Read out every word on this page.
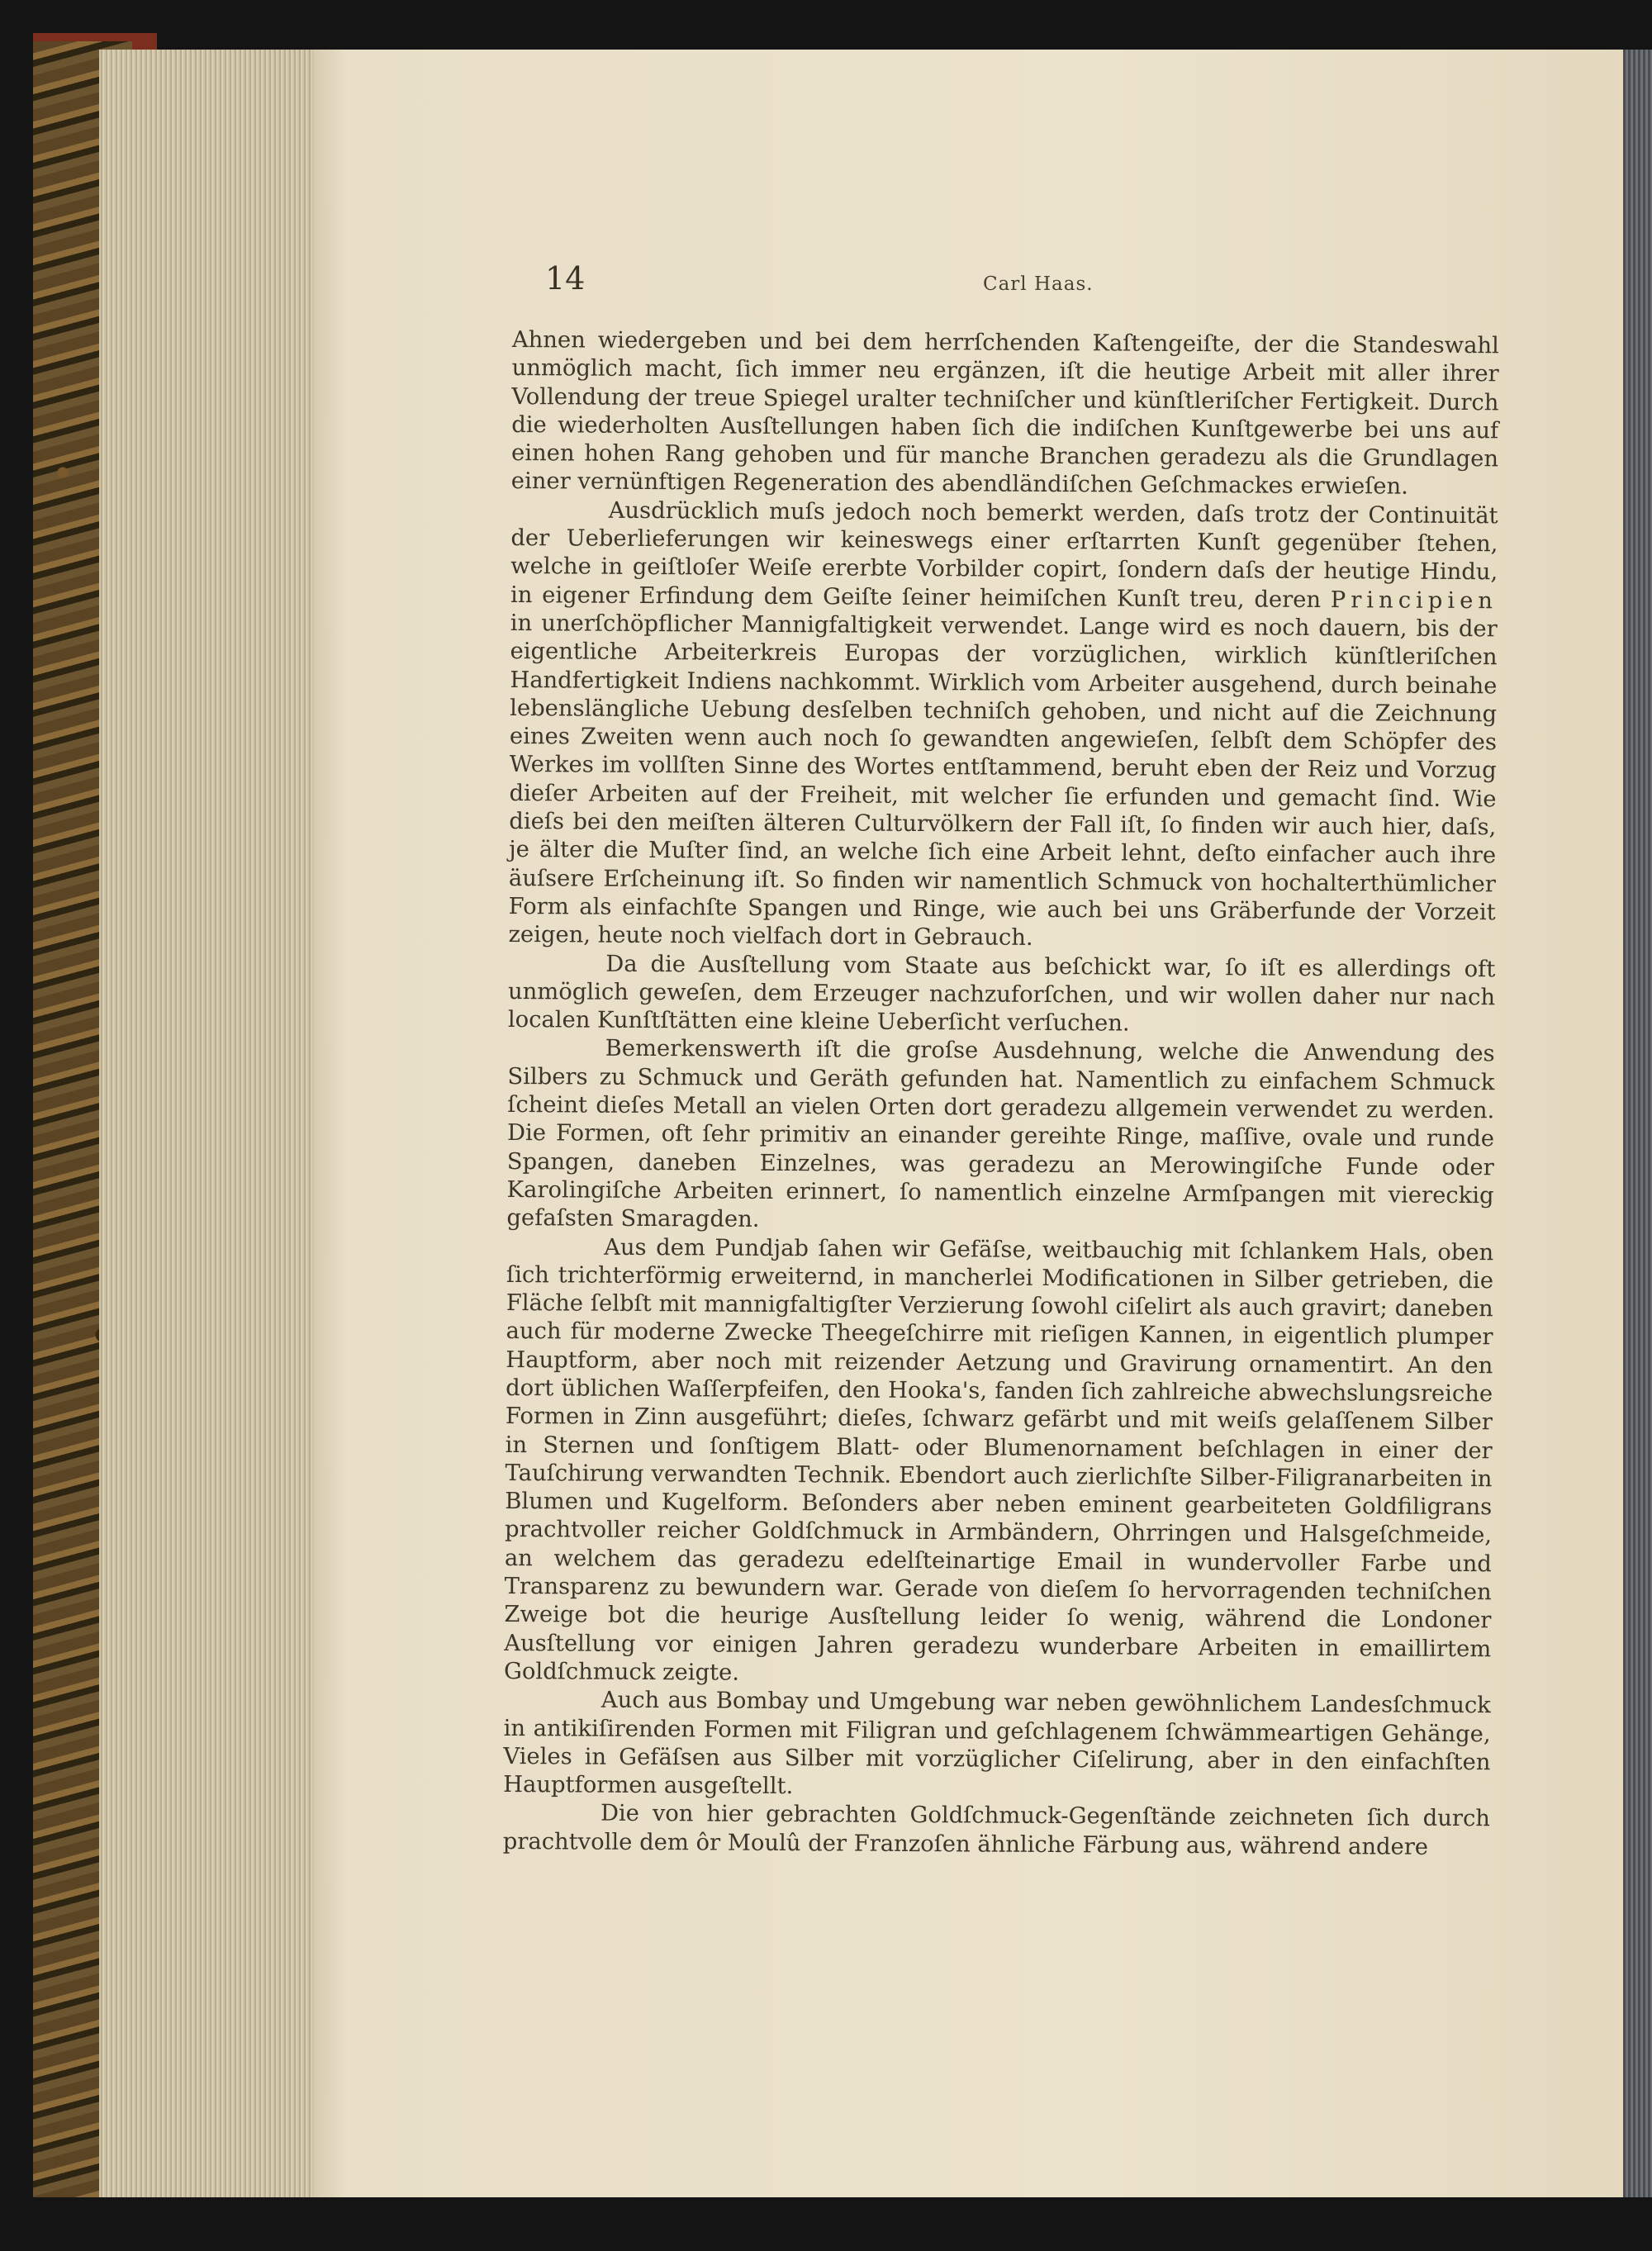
14	Carl Haas.

Ahnen wiedergeben und bei dem herrſchenden Kaſtengeiſte, der die Standeswahl unmöglich macht, ſich immer neu ergänzen, iſt die heutige Arbeit mit aller ihrer Vollendung der treue Spiegel uralter techniſcher und künſtleriſcher Fertigkeit. Durch die wiederholten Ausſtellungen haben ſich die indiſchen Kunſtgewerbe bei uns auf einen hohen Rang gehoben und für manche Branchen geradezu als die Grundlagen einer vernünftigen Regeneration des abendländiſchen Geſchmackes erwieſen.

Ausdrücklich muſs jedoch noch bemerkt werden, daſs trotz der Continuität der Ueberlieferungen wir keineswegs einer erſtarrten Kunſt gegenüber ſtehen, welche in geiſtloſer Weiſe ererbte Vorbilder copirt, ſondern daſs der heutige Hindu, in eigener Erfindung dem Geiſte ſeiner heimiſchen Kunſt treu, deren Principien in unerſchöpflicher Mannigfaltigkeit verwendet. Lange wird es noch dauern, bis der eigentliche Arbeiterkreis Europas der vorzüglichen, wirklich künſtleriſchen Handfertigkeit Indiens nachkommt. Wirklich vom Arbeiter ausgehend, durch beinahe lebenslängliche Uebung desſelben techniſch gehoben, und nicht auf die Zeichnung eines Zweiten wenn auch noch ſo gewandten angewieſen, ſelbſt dem Schöpfer des Werkes im vollſten Sinne des Wortes entſtammend, beruht eben der Reiz und Vorzug dieſer Arbeiten auf der Freiheit, mit welcher ſie erfunden und gemacht ſind. Wie dieſs bei den meiſten älteren Culturvölkern der Fall iſt, ſo finden wir auch hier, daſs, je älter die Muſter ſind, an welche ſich eine Arbeit lehnt, deſto einfacher auch ihre äuſsere Erſcheinung iſt. So finden wir namentlich Schmuck von hochalterthümlicher Form als einfachſte Spangen und Ringe, wie auch bei uns Gräberfunde der Vorzeit zeigen, heute noch vielfach dort in Gebrauch.

Da die Ausſtellung vom Staate aus beſchickt war, ſo iſt es allerdings oft unmöglich geweſen, dem Erzeuger nachzuforſchen, und wir wollen daher nur nach localen Kunſtſtätten eine kleine Ueberſicht verſuchen.

Bemerkenswerth iſt die groſse Ausdehnung, welche die Anwendung des Silbers zu Schmuck und Geräth gefunden hat. Namentlich zu einfachem Schmuck ſcheint dieſes Metall an vielen Orten dort geradezu allgemein verwendet zu werden. Die Formen, oft ſehr primitiv an einander gereihte Ringe, maſſive, ovale und runde Spangen, daneben Einzelnes, was geradezu an Merowingiſche Funde oder Karolingiſche Arbeiten erinnert, ſo namentlich einzelne Armſpangen mit viereckig gefaſsten Smaragden.

Aus dem Pundjab ſahen wir Gefäſse, weitbauchig mit ſchlankem Hals, oben ſich trichterförmig erweiternd, in mancherlei Modificationen in Silber getrieben, die Fläche ſelbſt mit mannigfaltigſter Verzierung ſowohl ciſelirt als auch gravirt; daneben auch für moderne Zwecke Theegeſchirre mit rieſigen Kannen, in eigentlich plumper Hauptform, aber noch mit reizender Aetzung und Gravirung ornamentirt. An den dort üblichen Waſſerpfeifen, den Hooka's, fanden ſich zahlreiche abwechslungsreiche Formen in Zinn ausgeführt; dieſes, ſchwarz gefärbt und mit weiſs gelaſſenem Silber in Sternen und ſonſtigem Blatt- oder Blumenornament beſchlagen in einer der Tauſchirung verwandten Technik. Ebendort auch zierlichſte Silber-Filigranarbeiten in Blumen und Kugelform. Beſonders aber neben eminent gearbeiteten Goldfiligrans prachtvoller reicher Goldſchmuck in Armbändern, Ohrringen und Halsgeſchmeide, an welchem das geradezu edelſteinartige Email in wundervoller Farbe und Transparenz zu bewundern war. Gerade von dieſem ſo hervorragenden techniſchen Zweige bot die heurige Ausſtellung leider ſo wenig, während die Londoner Ausſtellung vor einigen Jahren geradezu wunderbare Arbeiten in emaillirtem Goldſchmuck zeigte.

Auch aus Bombay und Umgebung war neben gewöhnlichem Landesſchmuck in antikiſirenden Formen mit Filigran und geſchlagenem ſchwämmeartigen Gehänge, Vieles in Gefäſsen aus Silber mit vorzüglicher Ciſelirung, aber in den einfachſten Hauptformen ausgeſtellt.

Die von hier gebrachten Goldſchmuck-Gegenſtände zeichneten ſich durch prachtvolle dem ôr Moulû der Franzoſen ähnliche Färbung aus, während andere
